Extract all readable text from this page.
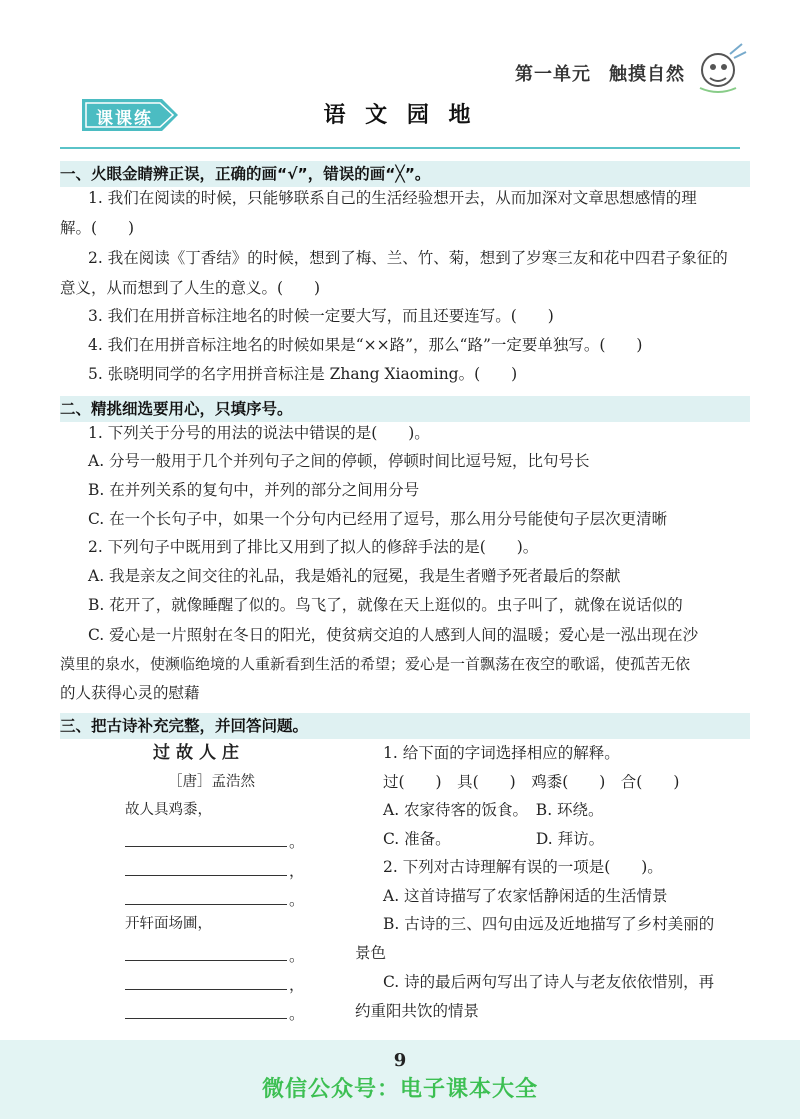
第一单元 触摸自然
课课练	语 文 园 地
一、火眼金睛辨正误，正确的画“√”，错误的画“╳”。
1. 我们在阅读的时候，只能够联系自己的生活经验想开去，从而加深对文章思想感情的理
解。(　　)
2. 我在阅读《丁香结》的时候，想到了梅、兰、竹、菊，想到了岁寒三友和花中四君子象征的
意义，从而想到了人生的意义。(　　)
3. 我们在用拼音标注地名的时候一定要大写，而且还要连写。(　　)
4. 我们在用拼音标注地名的时候如果是“××路”，那么“路”一定要单独写。(　　)
5. 张晓明同学的名字用拼音标注是 Zhang Xiaoming。(　　)
二、精挑细选要用心，只填序号。
1. 下列关于分号的用法的说法中错误的是(　　)。
A. 分号一般用于几个并列句子之间的停顿，停顿时间比逗号短，比句号长
B. 在并列关系的复句中，并列的部分之间用分号
C. 在一个长句子中，如果一个分句内已经用了逗号，那么用分号能使句子层次更清晰
2. 下列句子中既用到了排比又用到了拟人的修辞手法的是(　　)。
A. 我是亲友之间交往的礼品，我是婚礼的冠冕，我是生者赠予死者最后的祭献
B. 花开了，就像睡醒了似的。鸟飞了，就像在天上逛似的。虫子叫了，就像在说话似的
C. 爱心是一片照射在冬日的阳光，使贫病交迫的人感到人间的温暖；爱心是一泓出现在沙
漠里的泉水，使濒临绝境的人重新看到生活的希望；爱心是一首飘荡在夜空的歌谣，使孤苦无依
的人获得心灵的慰藉
三、把古诗补充完整，并回答问题。
过故人庄
［唐］孟浩然
故人具鸡黍，
。
，
。
开轩面场圃，
。
，
。
1. 给下面的字词选择相应的解释。
过(　　)　具(　　)　鸡黍(　　)　合(　　)
A. 农家待客的饭食。　B. 环绕。
C. 准备。　　　　　　D. 拜访。
2. 下列对古诗理解有误的一项是(　　)。
A. 这首诗描写了农家恬静闲适的生活情景
B. 古诗的三、四句由远及近地描写了乡村美丽的
景色
C. 诗的最后两句写出了诗人与老友依依惜别，再
约重阳共饮的情景
9
微信公众号：电子课本大全
